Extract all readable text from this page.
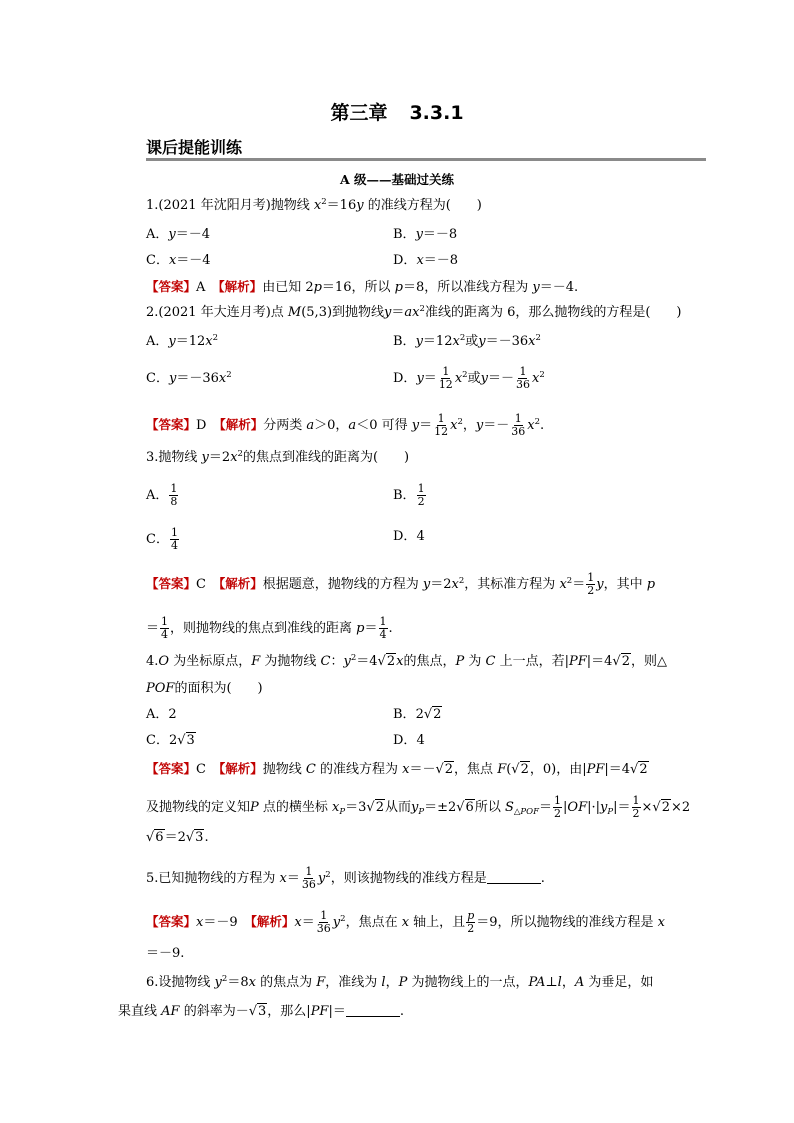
第三章 3.3.1
课后提能训练
A 级——基础过关练
1.(2021 年沈阳月考)抛物线 $x^2=16y$ 的准线方程为(　　)
A．y＝－4	B．y＝－8
C．x＝－4	D．x＝－8
【答案】A　 【解析】由已知 2p＝16，所以 p＝8，所以准线方程为 y＝－4.
2.(2021 年大连月考)点 M(5,3)到抛物线$y=ax^2$准线的距离为 6，那么抛物线的方程是(　　)
A．$y=12x^2$	B．$y=12x^2$或$y=-36x^2$
C．$y=-36x^2$	D．$y= \frac{1}{12} x^2$或$y=- \frac{1}{36} x^2$
【答案】D　 【解析】分两类 a＞0，a＜0 可得 $y= \frac{1}{12} x^2$，$y=- \frac{1}{36} x^2$.
3.抛物线 $y=2x^2$的焦点到准线的距离为(　　)
A． $\frac{1}{8}$	B． $\frac{1}{2}$
C． $\frac{1}{4}$	D．4
【答案】C　 【解析】根据题意，抛物线的方程为 $y=2x^2$，其标准方程为 $x^2= \frac{1}{2}$ y，其中 p
＝ $\frac{1}{4}$ ，则抛物线的焦点到准线的距离 $p= \frac{1}{4}$ .
4.O 为坐标原点，F 为抛物线 C：$y^2=4√2x$的焦点，P 为 C 上一点，若|PF|＝4√2，则△
POF的面积为(　　)
A．2	B．2√2
C．2√3	D．4
【答案】C　 【解析】抛物线 C 的准线方程为 x＝－√2，焦点 F(√2，0)，由|PF|＝4√2
及抛物线的定义知P 点的横坐标 $x_P=3√2$从而$y_P=\pm 2√6$所以 $S_{\triangle POF}= \frac{1}{2} |OF|\cdot|y_P|= \frac{1}{2} \times√2\times 2$
√6＝2√3.
5.已知抛物线的方程为 $x= \frac{1}{36} y^2$，则该抛物线的准线方程是	.
【答案】x＝－9　 【解析】$x= \frac{1}{36} y^2$，焦点在 x 轴上，且 $\frac{p}{2} =9$，所以抛物线的准线方程是 x
＝－9.
6.设抛物线 $y^2=8x$ 的焦点为 F，准线为 l，P 为抛物线上的一点，PA⊥l，A 为垂足，如
果直线 AF 的斜率为－√3，那么|PF|＝	.
